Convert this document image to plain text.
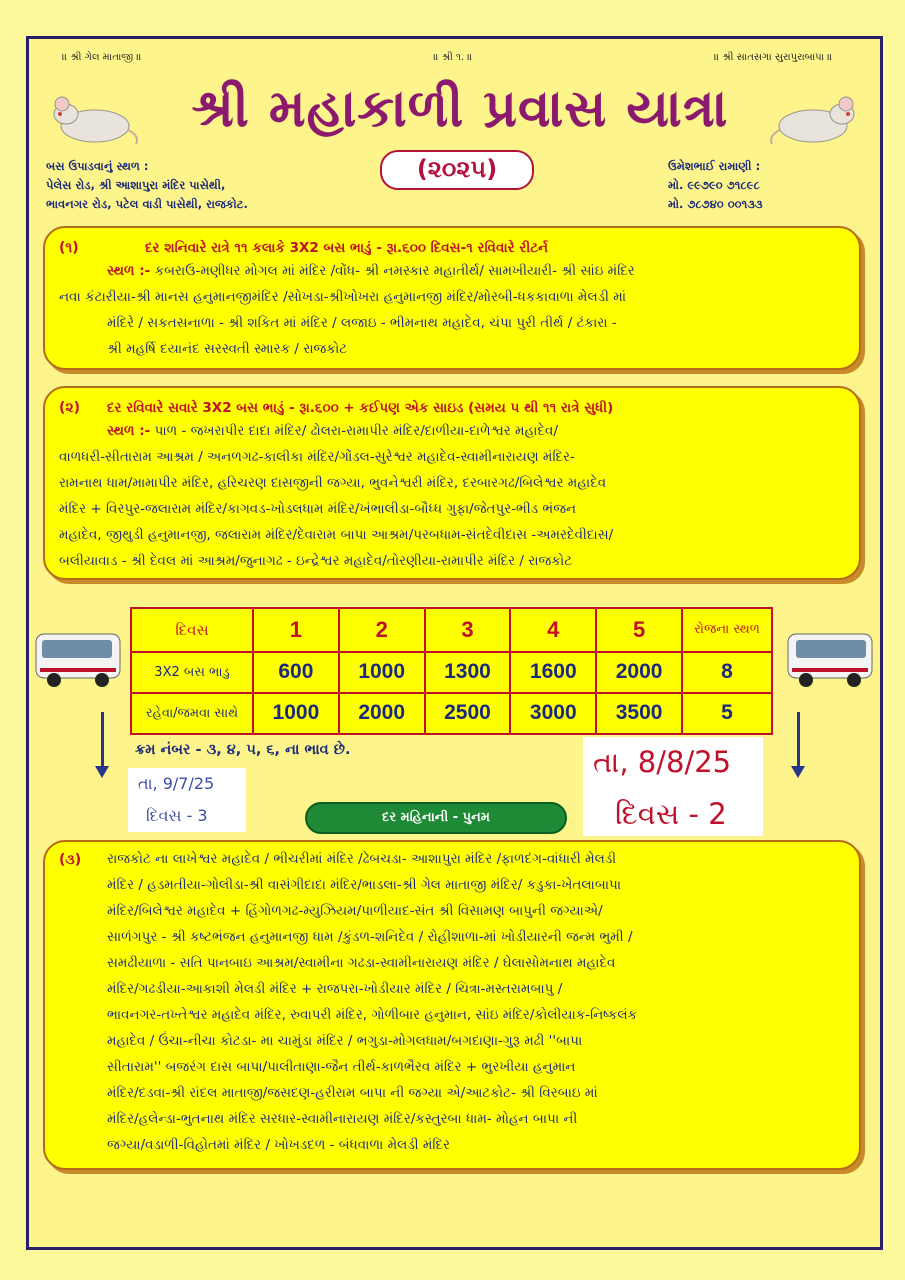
॥ શ્રી ગેલ માતાજી ॥	॥ શ્રી ૧. ॥	॥ શ્રી સાતસગા સુરાપુરાબાપા ॥
શ્રી મહાકાળી પ્રવાસ યાત્રા
(૨૦૨૫)
બસ ઉપાડવાનું સ્થળ :
પેલેસ રોડ, શ્રી આશાપુરા મંદિર પાસેથી,
ભાવનગર રોડ, પટેલ વાડી પાસેથી, રાજકોટ.
ઉમેશભાઈ રામાણી :
મો. ૯૯૭૯૦ ૭૧૮૯૮
મો. ૭૮૭૪૦ ૦૦૧૩૩
(૧)	દર શનિવારે રાત્રે ૧૧ કલાકે 3X2 બસ ભાડું - રૂા.૬૦૦ દિવસ-૧ રવિવારે રીટર્ન
સ્થળ :- કબરાઉ-મણીધર મોગલ માં મંદિર /વોંધ- શ્રી નમસ્કાર મહાતીર્થ/ સામખીયારી- શ્રી સાંઇ મંદિર
નવા કંટારીયા-શ્રી માનસ હનુમાનજીમંદિર /સોખડા-શ્રીખોખરા હનુમાનજી મંદિર/મોરબી-ધકકાવાળા મેલડી માં
મંદિરે / સકતસનાળા - શ્રી શકિત માં મંદિર / લજાઇ - ભીમનાથ મહાદેવ, ચંપા પુરી તીર્થ / ટંકારા -
શ્રી મહર્ષિ દયાનંદ સરસ્વતી સ્મારક / રાજકોટ
(૨) દર રવિવારે સવારે 3X2 બસ ભાડું - રૂા.૬૦૦ + કઈપણ એક સાઇડ (સમય ૫ થી ૧૧ રાત્રે સુધી)
સ્થળ :- પાળ - જખરાપીર દાદા મંદિર/ ઢોલરા-રામાપીર મંદિર/દાળીયા-દાળેશ્વર મહાદેવ/
વાળધરી-સીતારામ આશ્રમ / અનળગઢ-કાલીકા મંદિર/ગોંડલ-સુરેશ્વર મહાદેવ-સ્વામીનારાયણ મંદિર-
રામનાથ ધામ/મામાપીર મંદિર, હરિચરણ દાસજીની જગ્યા, ભુવનેશ્વરી મંદિર, દરબારગઢ/બિલેશ્વર મહાદેવ
મંદિર + વિરપુર-જલારામ મંદિર/કાગવડ-ખોડલધામ મંદિર/ખંભાલીડા-બૌધ્ધ ગુફા/જેતપુર-ભીડ ભંજન
મહાદેવ, જીથુડી હનુમાનજી, જલારામ મંદિર/દેવારામ બાપા આશ્રમ/પરબધામ-સંતદેવીદાસ -અમરદેવીદાસ/
બલીયાવાડ - શ્રી દેવલ માં આશ્રમ/જુનાગઢ - ઇન્દ્રેશ્વર મહાદેવ/તોરણીયા-રામાપીર મંદિર / રાજકોટ
દિવસ	1	2	3	4	5	રોજના સ્થળ
3X2 બસ ભાડુ	600	1000	1300	1600	2000	8
રહેવા/જમવા સાથે	1000	2000	2500	3000	3500	5
ક્રમ નંબર - ૩, ૪, ૫, ૬, ના ભાવ છે.
તા, 9/7/25
દિવસ - 3
તા, 8/8/25
દિવસ - 2
દર મહિનાની - પુનમ
(૩) રાજકોટ ના લાખેશ્વર મહાદેવ / ભીચરીમાં મંદિર /ઢેબચડા- આશાપુરા મંદિર /ફાળદંગ-વાંધારી મેલડી
મંદિર / હડમતીયા-ગોલીડા-શ્રી વાસંગીદાદા મંદિર/ભાડલા-શ્રી ગેલ માતાજી મંદિર/ કડુકા-ખેતલાબાપા
મંદિર/બિલેશ્વર મહાદેવ + હિંગોળગઢ-મ્યુઝિયમ/પાળીયાદ-સંત શ્રી વિસામણ બાપુની જગ્યાએ/
સાળંગપુર - શ્રી કષ્ટભંજન હનુમાનજી ધામ /કુંડળ-શનિદેવ / રોહીશાળા-માં ખોડીયારની જન્મ ભુમી /
સમઢીયાળા - સતિ પાનબાઇ આશ્રમ/સ્વામીના ગઢડા-સ્વામીનારાયણ મંદિર / ઘેલાસોમનાથ મહાદેવ
મંદિર/ગઢડીયા-આકાશી મેલડી મંદિર + રાજપરા-ખોડીયાર મંદિર / ચિત્રા-મસ્તરામબાપુ /
ભાવનગર-તખ્તેશ્વર મહાદેવ મંદિર, રુવાપરી મંદિર, ગોળીબાર હનુમાન, સાંઇ મંદિર/કોલીયાક-નિષ્કલંક
મહાદેવ / ઉંચા-નીચા કોટડા- મા ચામુંડા મંદિર / ભગુડા-મોગલધામ/બગદાણા-ગુરૂ મઢી ''બાપા
સીતારામ'' બજરંગ દાસ બાપા/પાલીતાણા-જૈન તીર્થ-કાળભૈરવ મંદિર + ભુરખીયા હનુમાન
મંદિર/દડવા-શ્રી રાંદલ માતાજી/જસદણ-હરીરામ બાપા ની જગ્યા એ/આટકોટ- શ્રી વિરબાઇ માં
મંદિર/હલેન્ડા-ભુતનાથ મંદિર સરધાર-સ્વામીનારાયણ મંદિર/કસ્તુરબા ધામ- મોહન બાપા ની
જગ્યા/વડાળી-વિહોતમાં મંદિર / ખોખડદળ - બંધવાળા મેલડી મંદિર
